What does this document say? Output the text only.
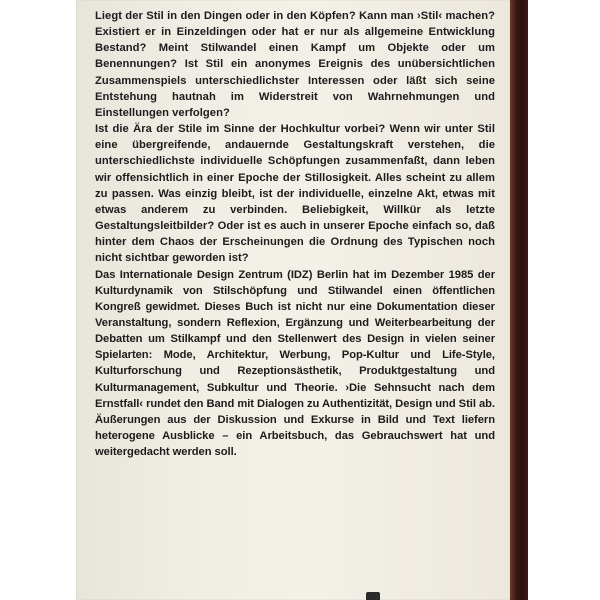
Liegt der Stil in den Dingen oder in den Köpfen? Kann man ›Stil‹ machen? Existiert er in Einzeldingen oder hat er nur als allgemeine Entwicklung Bestand? Meint Stilwandel einen Kampf um Objekte oder um Benennungen? Ist Stil ein anonymes Ereignis des unübersichtlichen Zusammenspiels unterschiedlichster Interessen oder läßt sich seine Entstehung hautnah im Widerstreit von Wahrnehmungen und Einstellungen verfolgen?

Ist die Ära der Stile im Sinne der Hochkultur vorbei? Wenn wir unter Stil eine übergreifende, andauernde Gestaltungskraft verstehen, die unterschiedlichste individuelle Schöpfungen zusammenfaßt, dann leben wir offensichtlich in einer Epoche der Stillosigkeit. Alles scheint zu allem zu passen. Was einzig bleibt, ist der individuelle, einzelne Akt, etwas mit etwas anderem zu verbinden. Beliebigkeit, Willkür als letzte Gestaltungsleitbilder? Oder ist es auch in unserer Epoche einfach so, daß hinter dem Chaos der Erscheinungen die Ordnung des Typischen noch nicht sichtbar geworden ist?

Das Internationale Design Zentrum (IDZ) Berlin hat im Dezember 1985 der Kulturdynamik von Stilschöpfung und Stilwandel einen öffentlichen Kongreß gewidmet. Dieses Buch ist nicht nur eine Dokumentation dieser Veranstaltung, sondern Reflexion, Ergänzung und Weiterbearbeitung der Debatten um Stilkampf und den Stellenwert des Design in vielen seiner Spielarten: Mode, Architektur, Werbung, Pop-Kultur und Life-Style, Kulturforschung und Rezeptionsästhetik, Produktgestaltung und Kulturmanagement, Subkultur und Theorie. ›Die Sehnsucht nach dem Ernstfall‹ rundet den Band mit Dialogen zu Authentizität, Design und Stil ab. Äußerungen aus der Diskussion und Exkurse in Bild und Text liefern heterogene Ausblicke – ein Arbeitsbuch, das Gebrauchswert hat und weitergedacht werden soll.
